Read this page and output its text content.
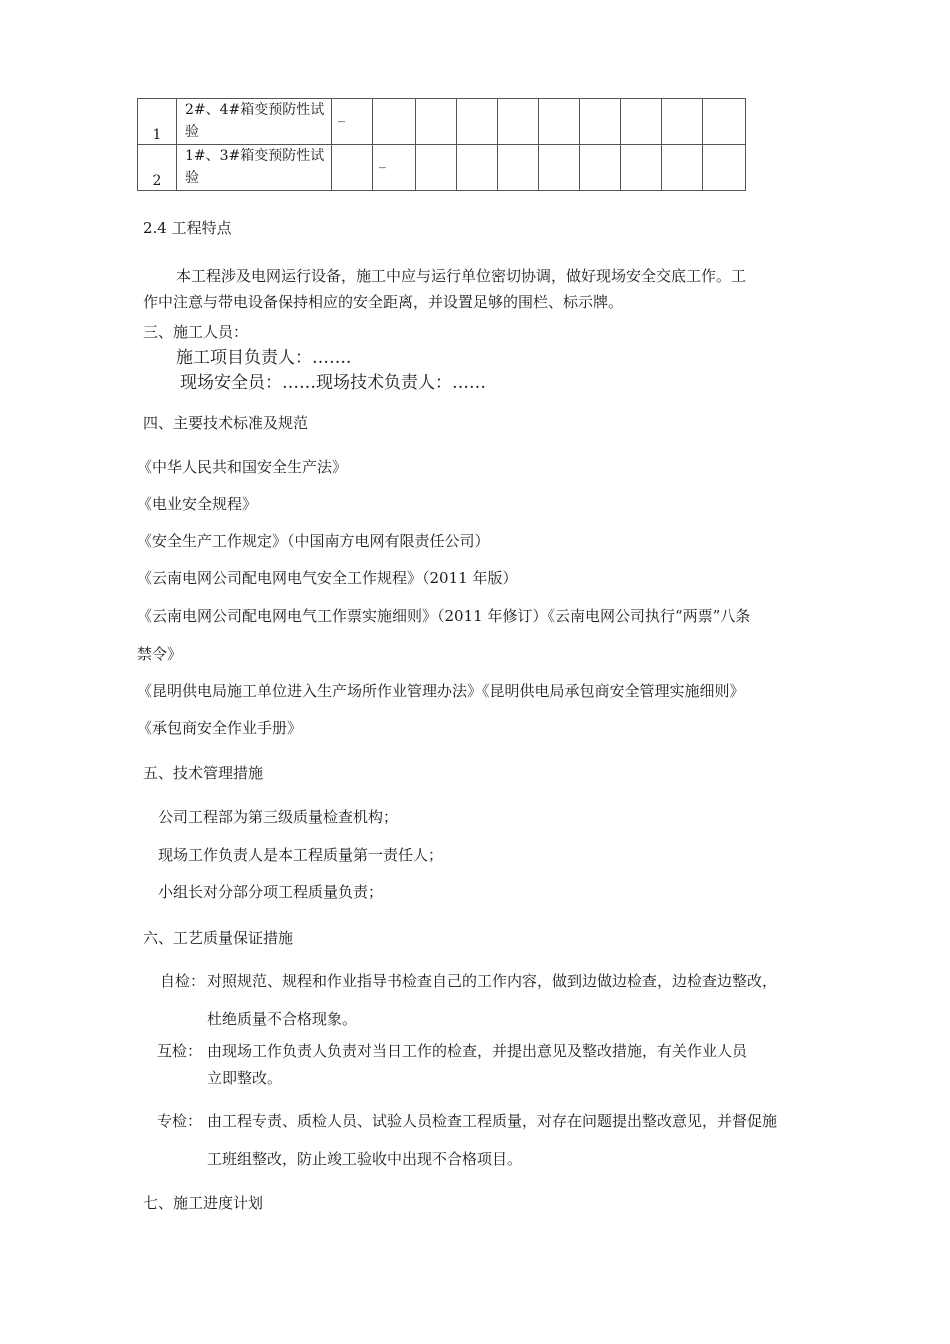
1	2#、4#箱变预防性试验	_									

2	1#、3#箱变预防性试验		_								
2.4 工程特点
本工程涉及电网运行设备，施工中应与运行单位密切协调，做好现场安全交底工作。工
作中注意与带电设备保持相应的安全距离，并设置足够的围栏、标示牌。
三、施工人员：
施工项目负责人：…….
现场安全员：……现场技术负责人：……
四、主要技术标准及规范
《中华人民共和国安全生产法》
《电业安全规程》
《安全生产工作规定》（中国南方电网有限责任公司）
《云南电网公司配电网电气安全工作规程》（2011 年版）
《云南电网公司配电网电气工作票实施细则》（2011 年修订）《云南电网公司执行“两票”八条
禁令》
《昆明供电局施工单位进入生产场所作业管理办法》《昆明供电局承包商安全管理实施细则》
《承包商安全作业手册》
五、技术管理措施
公司工程部为第三级质量检查机构；
现场工作负责人是本工程质量第一责任人；
小组长对分部分项工程质量负责；
六、工艺质量保证措施
自检： 对照规范、规程和作业指导书检查自己的工作内容，做到边做边检查，边检查边整改，
杜绝质量不合格现象。
互检： 由现场工作负责人负责对当日工作的检查，并提出意见及整改措施，有关作业人员
立即整改。
专检： 由工程专责、质检人员、试验人员检查工程质量，对存在问题提出整改意见，并督促施
工班组整改，防止竣工验收中出现不合格项目。
七、施工进度计划
